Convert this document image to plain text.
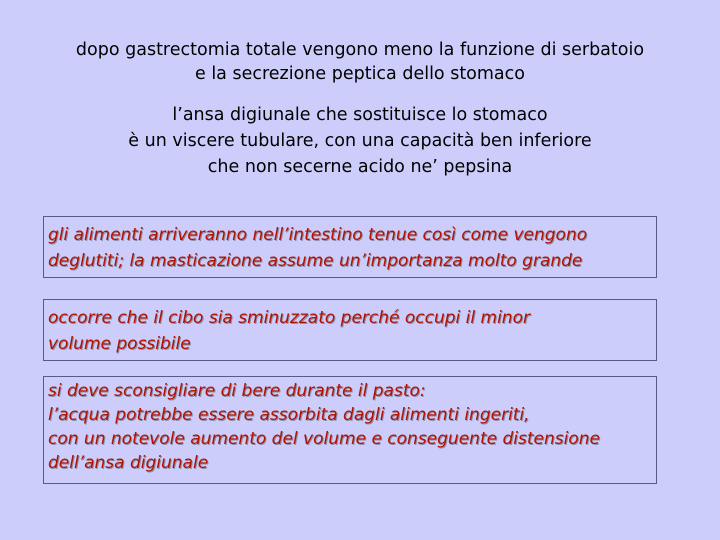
dopo gastrectomia totale vengono meno la funzione di serbatoio
e la secrezione peptica dello stomaco
l’ansa digiunale che sostituisce lo stomaco
è un viscere tubulare, con una capacità ben inferiore
che non secerne acido ne’ pepsina
gli alimenti arriveranno nell’intestino tenue così come vengono
deglutiti; la masticazione assume un’importanza molto grande
occorre che il cibo sia sminuzzato perché occupi il minor
volume possibile
si deve sconsigliare di bere durante il pasto:
l’acqua potrebbe essere assorbita dagli alimenti ingeriti,
con un notevole aumento del volume e conseguente distensione
dell’ansa digiunale
